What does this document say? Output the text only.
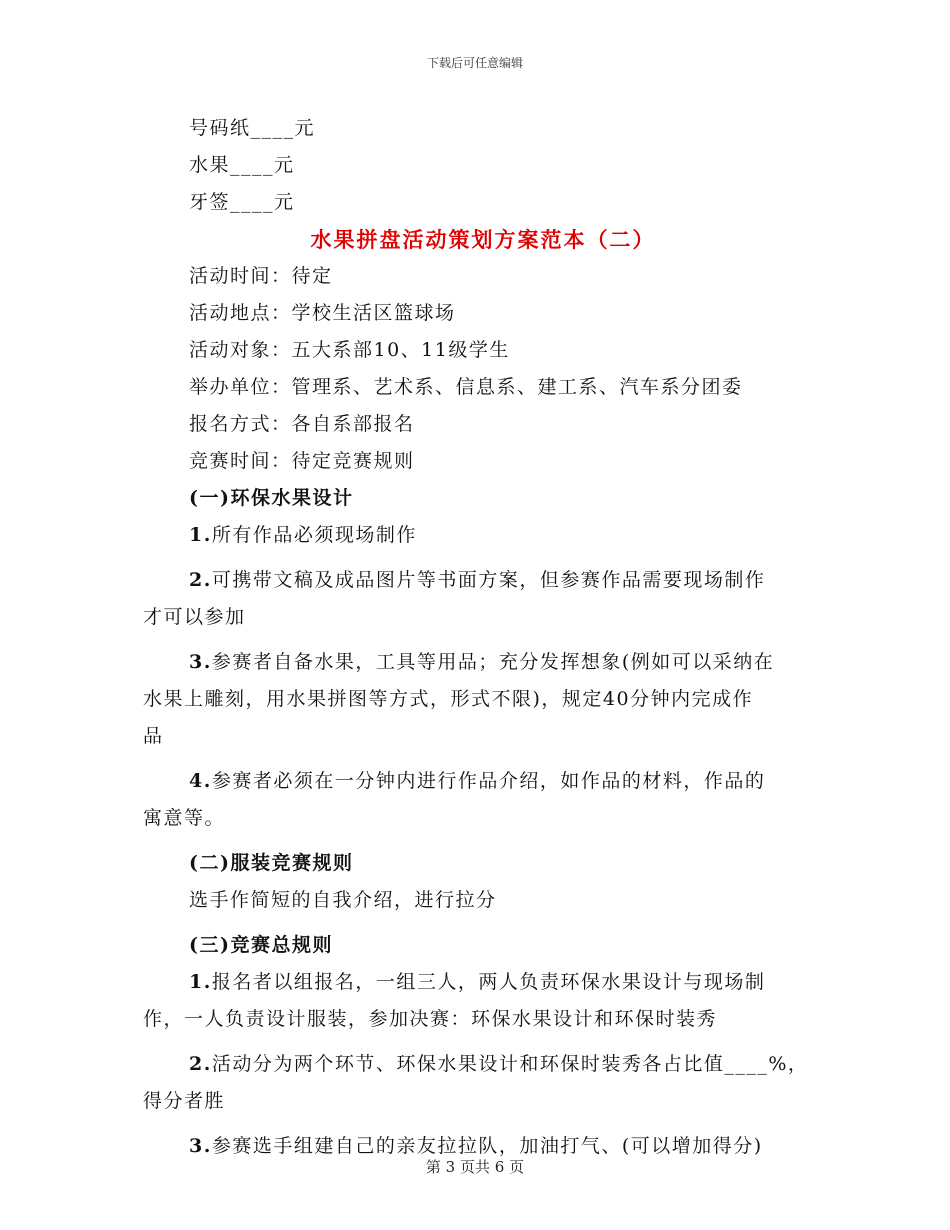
下载后可任意编辑
号码纸____元
水果____元
牙签____元
水果拼盘活动策划方案范本（二）
活动时间：待定
活动地点：学校生活区篮球场
活动对象：五大系部10、11级学生
举办单位：管理系、艺术系、信息系、建工系、汽车系分团委
报名方式：各自系部报名
竞赛时间：待定竞赛规则
(一)环保水果设计
1.所有作品必须现场制作
2.可携带文稿及成品图片等书面方案，但参赛作品需要现场制作
才可以参加
3.参赛者自备水果，工具等用品；充分发挥想象(例如可以采纳在
水果上雕刻，用水果拼图等方式，形式不限)，规定40分钟内完成作
品
4.参赛者必须在一分钟内进行作品介绍，如作品的材料，作品的
寓意等。
(二)服装竞赛规则
选手作简短的自我介绍，进行拉分
(三)竞赛总规则
1.报名者以组报名，一组三人，两人负责环保水果设计与现场制
作，一人负责设计服装，参加决赛：环保水果设计和环保时装秀
2.活动分为两个环节、环保水果设计和环保时装秀各占比值____%，
得分者胜
3.参赛选手组建自己的亲友拉拉队，加油打气、(可以增加得分)
第 3 页共 6 页
